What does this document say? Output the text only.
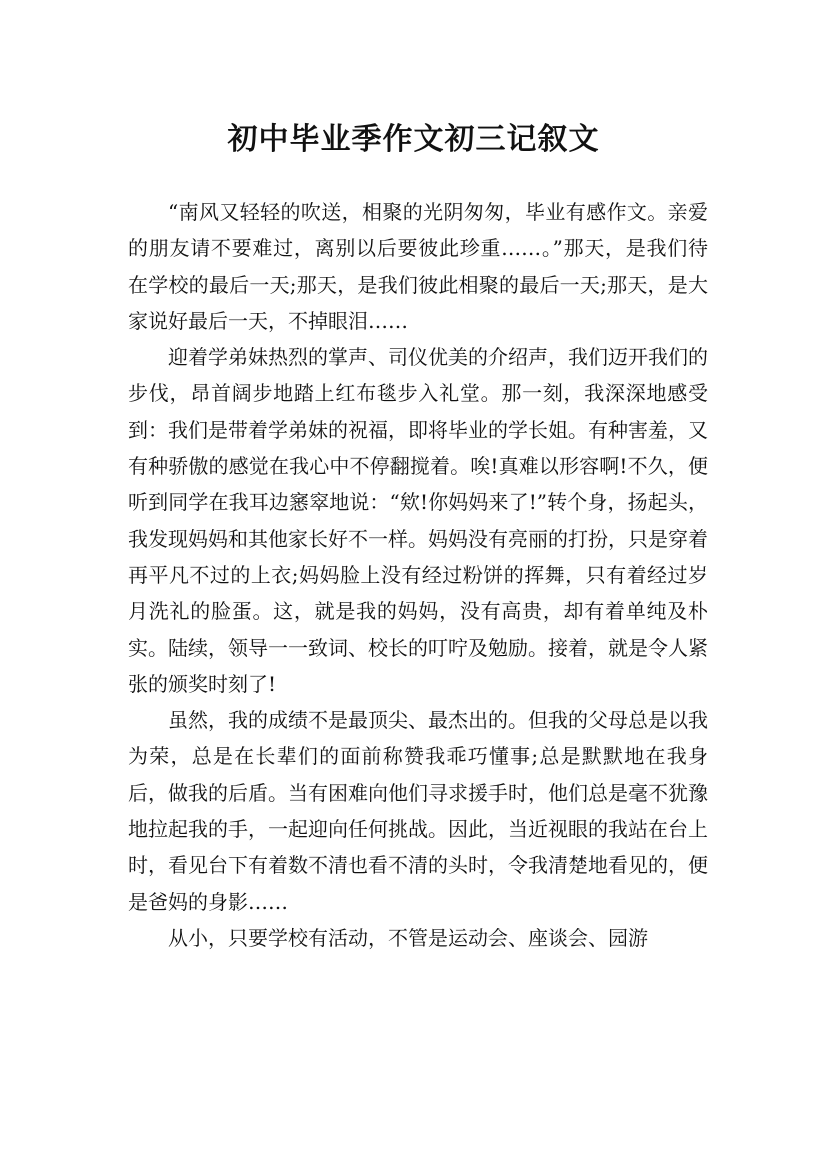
初中毕业季作文初三记叙文

“南风又轻轻的吹送，相聚的光阴匆匆，毕业有感作文。亲爱的朋友请不要难过，离别以后要彼此珍重……。”那天，是我们待在学校的最后一天;那天，是我们彼此相聚的最后一天;那天，是大家说好最后一天，不掉眼泪……

迎着学弟妹热烈的掌声、司仪优美的介绍声，我们迈开我们的步伐，昂首阔步地踏上红布毯步入礼堂。那一刻，我深深地感受到：我们是带着学弟妹的祝福，即将毕业的学长姐。有种害羞，又有种骄傲的感觉在我心中不停翻搅着。唉!真难以形容啊!不久，便听到同学在我耳边窸窣地说：“欸!你妈妈来了!”转个身，扬起头，我发现妈妈和其他家长好不一样。妈妈没有亮丽的打扮，只是穿着再平凡不过的上衣;妈妈脸上没有经过粉饼的挥舞，只有着经过岁月洗礼的脸蛋。这，就是我的妈妈，没有高贵，却有着单纯及朴实。陆续，领导一一致词、校长的叮咛及勉励。接着，就是令人紧张的颁奖时刻了!

虽然，我的成绩不是最顶尖、最杰出的。但我的父母总是以我为荣，总是在长辈们的面前称赞我乖巧懂事;总是默默地在我身后，做我的后盾。当有困难向他们寻求援手时，他们总是毫不犹豫地拉起我的手，一起迎向任何挑战。因此，当近视眼的我站在台上时，看见台下有着数不清也看不清的头时，令我清楚地看见的，便是爸妈的身影……

从小，只要学校有活动，不管是运动会、座谈会、园游
